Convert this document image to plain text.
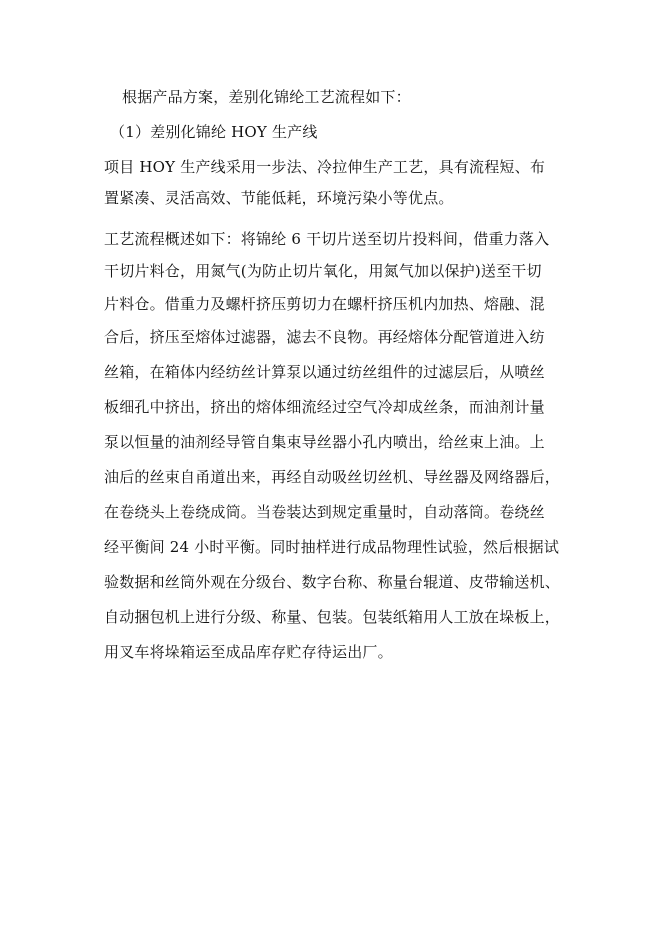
根据产品方案，差别化锦纶工艺流程如下：
（1）差别化锦纶 HOY 生产线
项目 HOY 生产线采用一步法、冷拉伸生产工艺，具有流程短、布
置紧凑、灵活高效、节能低耗，环境污染小等优点。
工艺流程概述如下：将锦纶 6 干切片送至切片投料间，借重力落入
干切片料仓，用氮气(为防止切片氧化，用氮气加以保护)送至干切
片料仓。借重力及螺杆挤压剪切力在螺杆挤压机内加热、熔融、混
合后，挤压至熔体过滤器，滤去不良物。再经熔体分配管道进入纺
丝箱，在箱体内经纺丝计算泵以通过纺丝组件的过滤层后，从喷丝
板细孔中挤出，挤出的熔体细流经过空气冷却成丝条，而油剂计量
泵以恒量的油剂经导管自集束导丝器小孔内喷出，给丝束上油。上
油后的丝束自甬道出来，再经自动吸丝切丝机、导丝器及网络器后，
在卷绕头上卷绕成筒。当卷装达到规定重量时，自动落筒。卷绕丝
经平衡间 24 小时平衡。同时抽样进行成品物理性试验，然后根据试
验数据和丝筒外观在分级台、数字台称、称量台辊道、皮带输送机、
自动捆包机上进行分级、称量、包装。包装纸箱用人工放在垛板上，
用叉车将垛箱运至成品库存贮存待运出厂。
